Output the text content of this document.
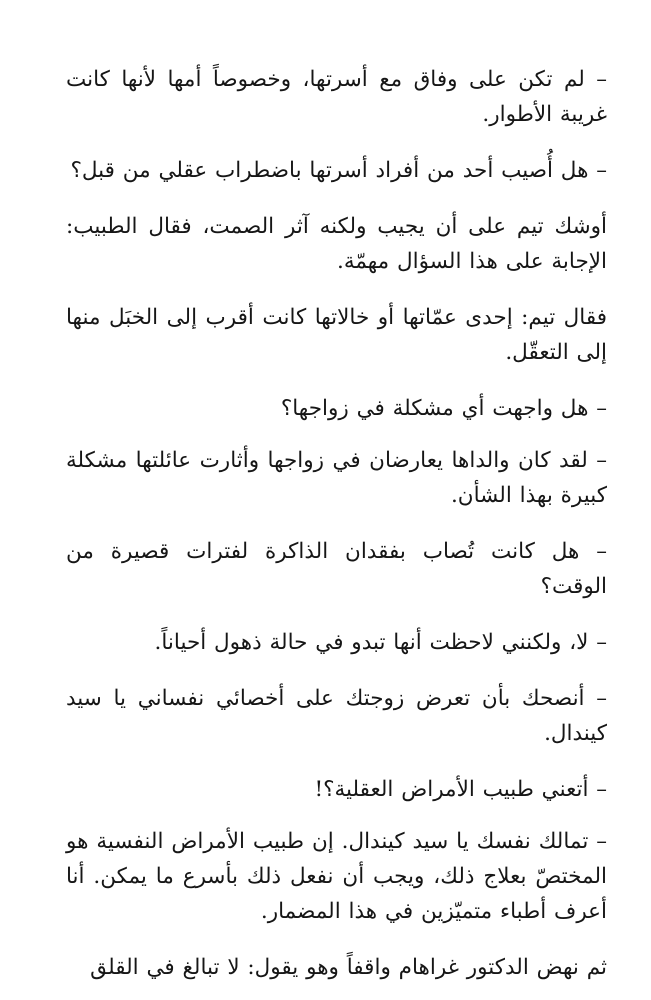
– لم تكن على وفاق مع أسرتها، وخصوصاً أمها لأنها كانت غريبة الأطوار.

– هل أُصيب أحد من أفراد أسرتها باضطراب عقلي من قبل؟

أوشك تيم على أن يجيب ولكنه آثر الصمت، فقال الطبيب: الإجابة على هذا السؤال مهمّة.

فقال تيم: إحدى عمّاتها أو خالاتها كانت أقرب إلى الخبَل منها إلى التعقّل.

– هل واجهت أي مشكلة في زواجها؟

– لقد كان والداها يعارضان في زواجها وأثارت عائلتها مشكلة كبيرة بهذا الشأن.

– هل كانت تُصاب بفقدان الذاكرة لفترات قصيرة من الوقت؟

– لا، ولكنني لاحظت أنها تبدو في حالة ذهول أحياناً.

– أنصحك بأن تعرض زوجتك على أخصائي نفساني يا سيد كيندال.

– أتعني طبيب الأمراض العقلية؟!

– تمالك نفسك يا سيد كيندال. إن طبيب الأمراض النفسية هو المختصّ بعلاج ذلك، ويجب أن نفعل ذلك بأسرع ما يمكن. أنا أعرف أطباء متميّزين في هذا المضمار.

ثم نهض الدكتور غراهام واقفاً وهو يقول: لا تبالغ في القلق
